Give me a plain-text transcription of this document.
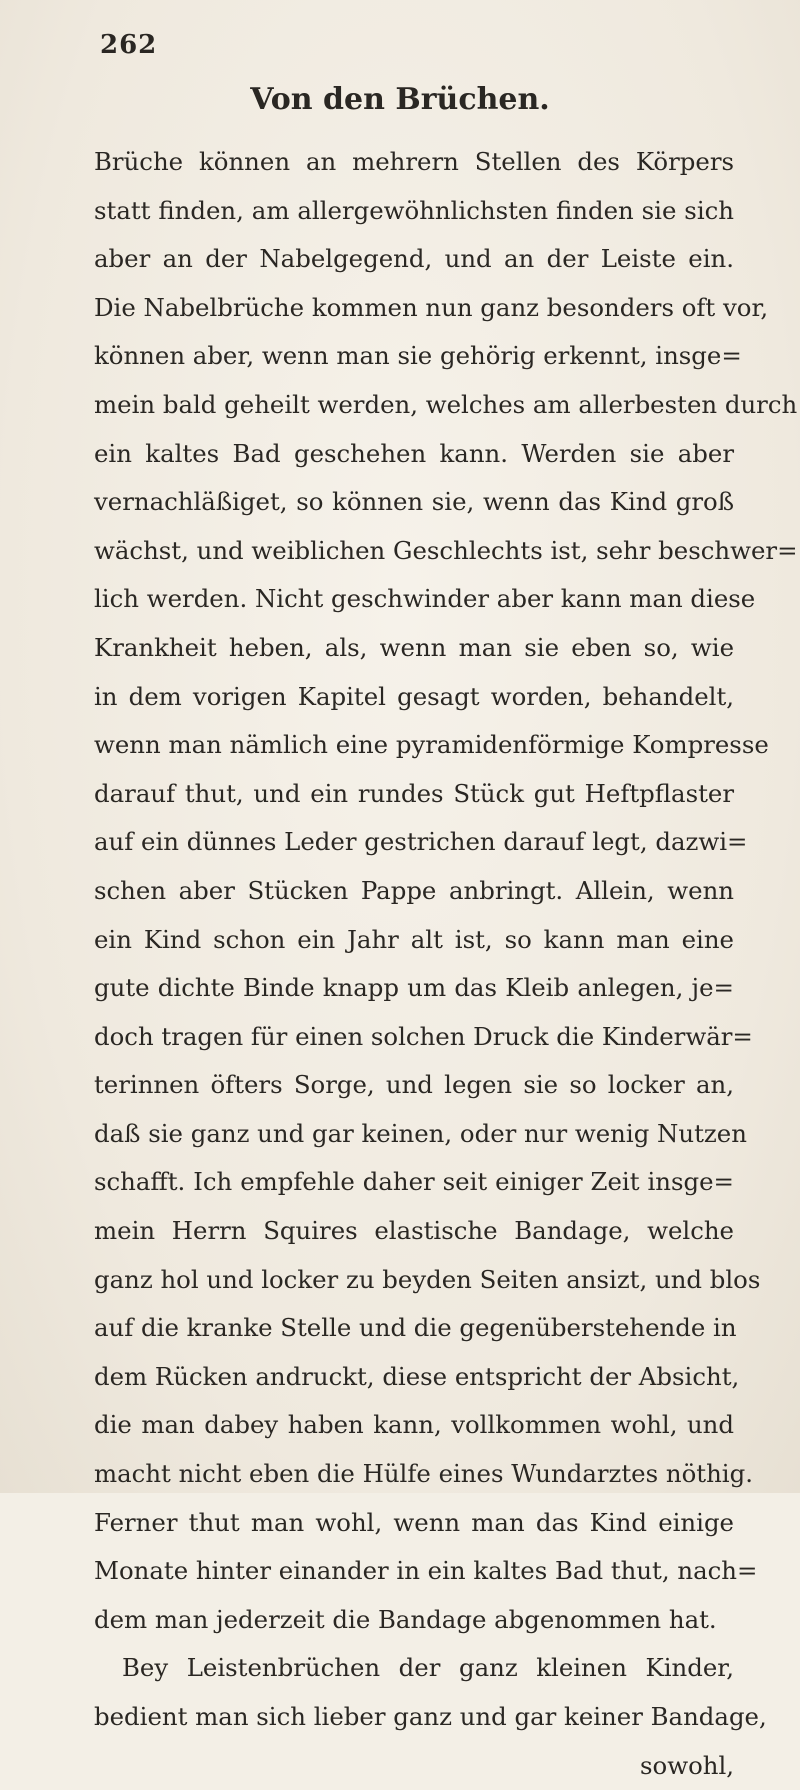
262
Von den Brüchen.
Brüche können an mehrern Stellen des Körpers
statt finden, am allergewöhnlichsten finden sie sich
aber an der Nabelgegend, und an der Leiste ein.
Die Nabelbrüche kommen nun ganz besonders oft vor,
können aber, wenn man sie gehörig erkennt, insge=
mein bald geheilt werden, welches am allerbesten durch
ein kaltes Bad geschehen kann. Werden sie aber
vernachläßiget, so können sie, wenn das Kind groß
wächst, und weiblichen Geschlechts ist, sehr beschwer=
lich werden. Nicht geschwinder aber kann man diese
Krankheit heben, als, wenn man sie eben so, wie
in dem vorigen Kapitel gesagt worden, behandelt,
wenn man nämlich eine pyramidenförmige Kompresse
darauf thut, und ein rundes Stück gut Heftpflaster
auf ein dünnes Leder gestrichen darauf legt, dazwi=
schen aber Stücken Pappe anbringt. Allein, wenn
ein Kind schon ein Jahr alt ist, so kann man eine
gute dichte Binde knapp um das Kleib anlegen, je=
doch tragen für einen solchen Druck die Kinderwär=
terinnen öfters Sorge, und legen sie so locker an,
daß sie ganz und gar keinen, oder nur wenig Nutzen
schafft. Ich empfehle daher seit einiger Zeit insge=
mein Herrn Squires elastische Bandage, welche
ganz hol und locker zu beyden Seiten ansizt, und blos
auf die kranke Stelle und die gegenüberstehende in
dem Rücken andruckt, diese entspricht der Absicht,
die man dabey haben kann, vollkommen wohl, und
macht nicht eben die Hülfe eines Wundarztes nöthig.
Ferner thut man wohl, wenn man das Kind einige
Monate hinter einander in ein kaltes Bad thut, nach=
dem man jederzeit die Bandage abgenommen hat.
Bey Leistenbrüchen der ganz kleinen Kinder,
bedient man sich lieber ganz und gar keiner Bandage,
sowohl,
